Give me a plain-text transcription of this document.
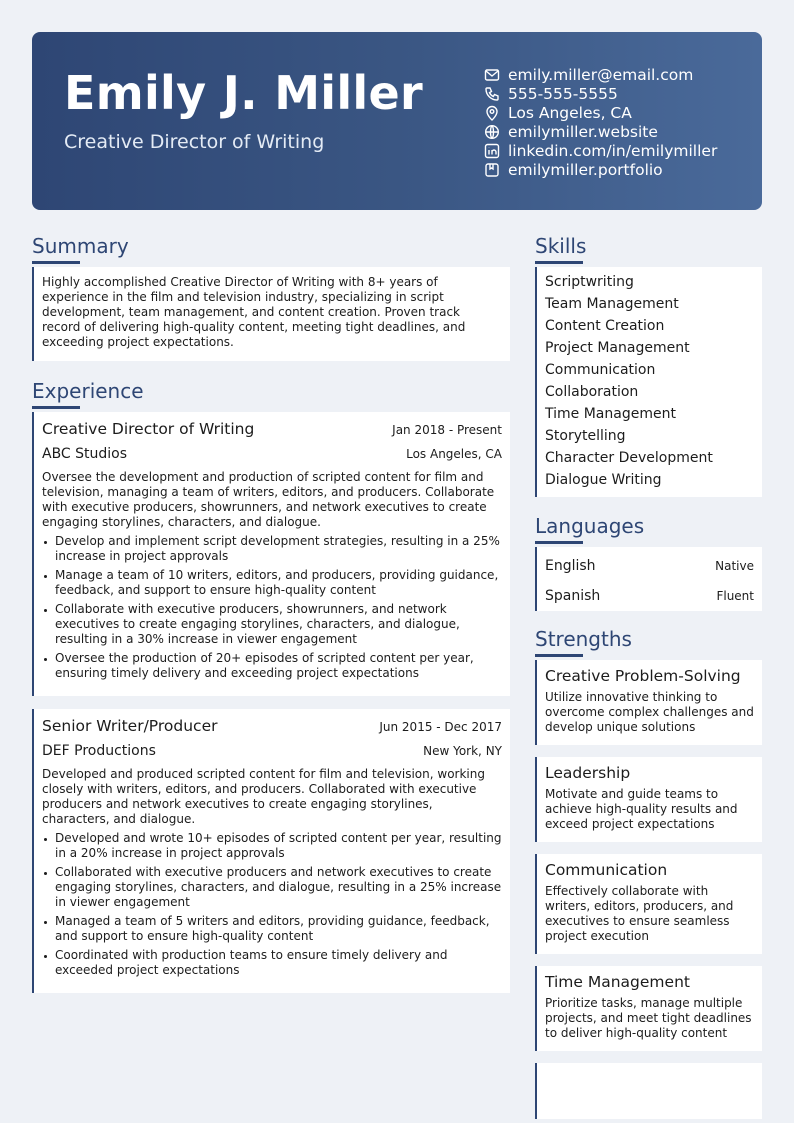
Emily J. Miller
Creative Director of Writing
emily.miller@email.com
555-555-5555
Los Angeles, CA
emilymiller.website
linkedin.com/in/emilymiller
emilymiller.portfolio
Summary
Highly accomplished Creative Director of Writing with 8+ years of experience in the film and television industry, specializing in script development, team management, and content creation. Proven track record of delivering high-quality content, meeting tight deadlines, and exceeding project expectations.
Experience
Creative Director of Writing	Jan 2018 - Present
ABC Studios	Los Angeles, CA
Oversee the development and production of scripted content for film and television, managing a team of writers, editors, and producers. Collaborate with executive producers, showrunners, and network executives to create engaging storylines, characters, and dialogue.
Develop and implement script development strategies, resulting in a 25% increase in project approvals
Manage a team of 10 writers, editors, and producers, providing guidance, feedback, and support to ensure high-quality content
Collaborate with executive producers, showrunners, and network executives to create engaging storylines, characters, and dialogue, resulting in a 30% increase in viewer engagement
Oversee the production of 20+ episodes of scripted content per year, ensuring timely delivery and exceeding project expectations
Senior Writer/Producer	Jun 2015 - Dec 2017
DEF Productions	New York, NY
Developed and produced scripted content for film and television, working closely with writers, editors, and producers. Collaborated with executive producers and network executives to create engaging storylines, characters, and dialogue.
Developed and wrote 10+ episodes of scripted content per year, resulting in a 20% increase in project approvals
Collaborated with executive producers and network executives to create engaging storylines, characters, and dialogue, resulting in a 25% increase in viewer engagement
Managed a team of 5 writers and editors, providing guidance, feedback, and support to ensure high-quality content
Coordinated with production teams to ensure timely delivery and exceeded project expectations
Skills
Scriptwriting
Team Management
Content Creation
Project Management
Communication
Collaboration
Time Management
Storytelling
Character Development
Dialogue Writing
Languages
English	Native
Spanish	Fluent
Strengths
Creative Problem-Solving
Utilize innovative thinking to overcome complex challenges and develop unique solutions
Leadership
Motivate and guide teams to achieve high-quality results and exceed project expectations
Communication
Effectively collaborate with writers, editors, producers, and executives to ensure seamless project execution
Time Management
Prioritize tasks, manage multiple projects, and meet tight deadlines to deliver high-quality content
